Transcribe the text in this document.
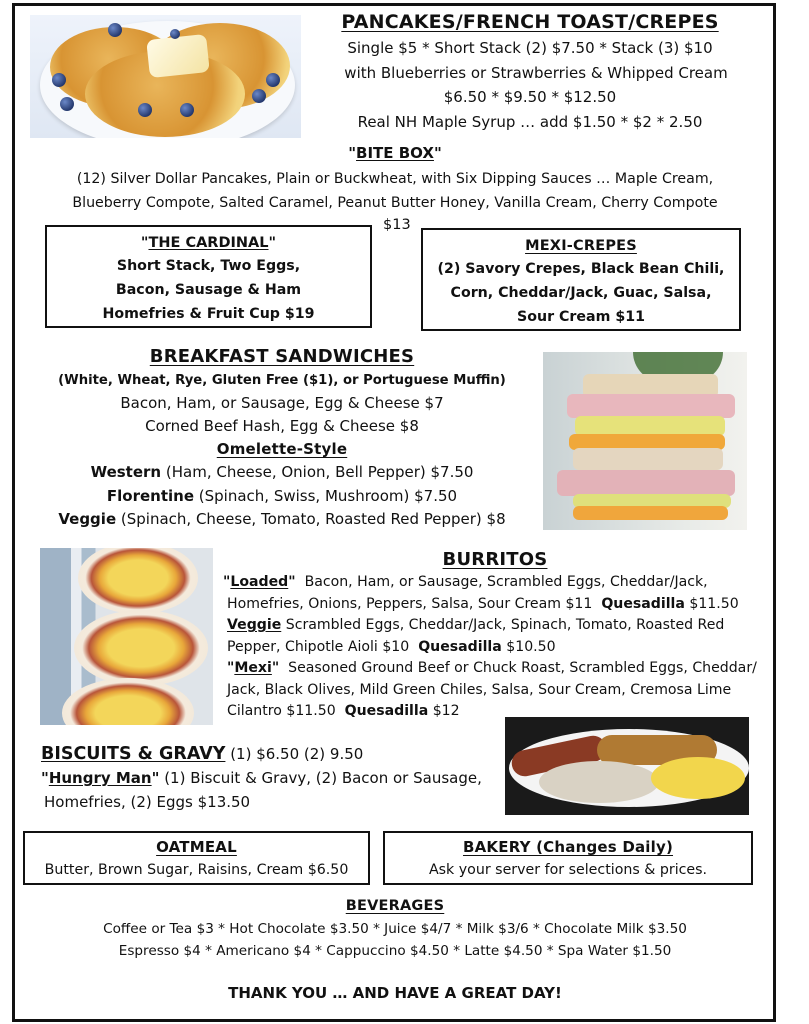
PANCAKES/FRENCH TOAST/CREPES
Single $5 * Short Stack (2) $7.50 * Stack (3) $10
with Blueberries or Strawberries & Whipped Cream
$6.50 * $9.50 * $12.50
Real NH Maple Syrup … add $1.50 * $2 * 2.50
"BITE BOX"
(12) Silver Dollar Pancakes, Plain or Buckwheat, with Six Dipping Sauces … Maple Cream,
Blueberry Compote, Salted Caramel, Peanut Butter Honey, Vanilla Cream, Cherry Compote
$13
"THE CARDINAL"
Short Stack, Two Eggs,
Bacon, Sausage & Ham
Homefries & Fruit Cup $19
MEXI-CREPES
(2) Savory Crepes, Black Bean Chili,
Corn, Cheddar/Jack, Guac, Salsa,
Sour Cream $11
BREAKFAST SANDWICHES
(White, Wheat, Rye, Gluten Free ($1), or Portuguese Muffin)
Bacon, Ham, or Sausage, Egg & Cheese $7
Corned Beef Hash, Egg & Cheese $8
Omelette-Style
Western (Ham, Cheese, Onion, Bell Pepper) $7.50
Florentine (Spinach, Swiss, Mushroom) $7.50
Veggie (Spinach, Cheese, Tomato, Roasted Red Pepper) $8
BURRITOS
"Loaded"  Bacon, Ham, or Sausage, Scrambled Eggs, Cheddar/Jack,
Homefries, Onions, Peppers, Salsa, Sour Cream $11  Quesadilla $11.50
Veggie Scrambled Eggs, Cheddar/Jack, Spinach, Tomato, Roasted Red
Pepper, Chipotle Aioli $10  Quesadilla $10.50
"Mexi"  Seasoned Ground Beef or Chuck Roast, Scrambled Eggs, Cheddar/
Jack, Black Olives, Mild Green Chiles, Salsa, Sour Cream, Cremosa Lime
Cilantro $11.50  Quesadilla $12
BISCUITS & GRAVY (1) $6.50 (2) 9.50
"Hungry Man" (1) Biscuit & Gravy, (2) Bacon or Sausage,
Homefries, (2) Eggs $13.50
OATMEAL
Butter, Brown Sugar, Raisins, Cream $6.50
BAKERY (Changes Daily)
Ask your server for selections & prices.
BEVERAGES
Coffee or Tea $3 * Hot Chocolate $3.50 * Juice $4/7 * Milk $3/6 * Chocolate Milk $3.50
Espresso $4 * Americano $4 * Cappuccino $4.50 * Latte $4.50 * Spa Water $1.50
THANK YOU … AND HAVE A GREAT DAY!
